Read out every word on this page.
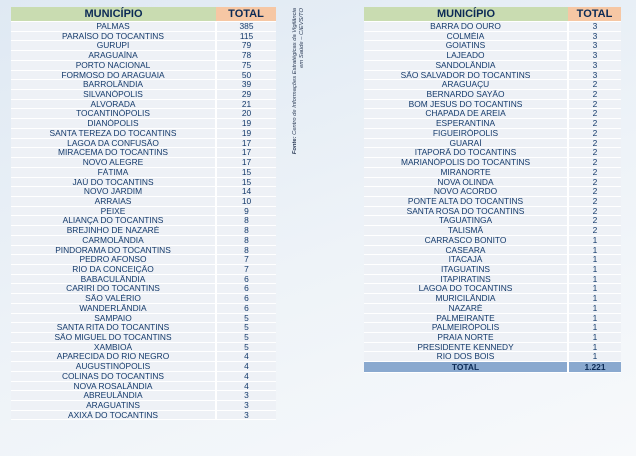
MUNICÍPIO	TOTAL
PALMAS	385
PARAÍSO DO TOCANTINS	115
GURUPI	79
ARAGUAÍNA	78
PORTO NACIONAL	75
FORMOSO DO ARAGUAIA	50
BARROLÂNDIA	39
SILVANÓPOLIS	29
ALVORADA	21
TOCANTINÓPOLIS	20
DIANÓPOLIS	19
SANTA TEREZA DO TOCANTINS	19
LAGOA DA CONFUSÃO	17
MIRACEMA DO TOCANTINS	17
NOVO ALEGRE	17
FÁTIMA	15
JAÚ DO TOCANTINS	15
NOVO JARDIM	14
ARRAIAS	10
PEIXE	9
ALIANÇA DO TOCANTINS	8
BREJINHO DE NAZARÉ	8
CARMOLÂNDIA	8
PINDORAMA DO TOCANTINS	8
PEDRO AFONSO	7
RIO DA CONCEIÇÃO	7
BABACULÂNDIA	6
CARIRI DO TOCANTINS	6
SÃO VALÉRIO	6
WANDERLÂNDIA	6
SAMPAIO	5
SANTA RITA DO TOCANTINS	5
SÃO MIGUEL DO TOCANTINS	5
XAMBIOÁ	5
APARECIDA DO RIO NEGRO	4
AUGUSTINÓPOLIS	4
COLINAS DO TOCANTINS	4
NOVA ROSALÂNDIA	4
ABREULÂNDIA	3
ARAGUATINS	3
AXIXÁ DO TOCANTINS	3
Fonte: Centro de Informações Estratégicas da Vigilância em Saúde – CIEVS/TO	MUNICÍPIO	TOTAL
BARRA DO OURO	3
COLMÉIA	3
GOIATINS	3
LAJEADO	3
SANDOLÂNDIA	3
SÃO SALVADOR DO TOCANTINS	3
ARAGUAÇU	2
BERNARDO SAYÃO	2
BOM JESUS DO TOCANTINS	2
CHAPADA DE AREIA	2
ESPERANTINA	2
FIGUEIRÓPOLIS	2
GUARAÍ	2
ITAPORÃ DO TOCANTINS	2
MARIANÓPOLIS DO TOCANTINS	2
MIRANORTE	2
NOVA OLINDA	2
NOVO ACORDO	2
PONTE ALTA DO TOCANTINS	2
SANTA ROSA DO TOCANTINS	2
TAGUATINGA	2
TALISMÃ	2
CARRASCO BONITO	1
CASEARA	1
ITACAJÁ	1
ITAGUATINS	1
ITAPIRATINS	1
LAGOA DO TOCANTINS	1
MURICILÂNDIA	1
NAZARÉ	1
PALMEIRANTE	1
PALMEIRÓPOLIS	1
PRAIA NORTE	1
PRESIDENTE KENNEDY	1
RIO DOS BOIS	1
TOTAL	1.221
